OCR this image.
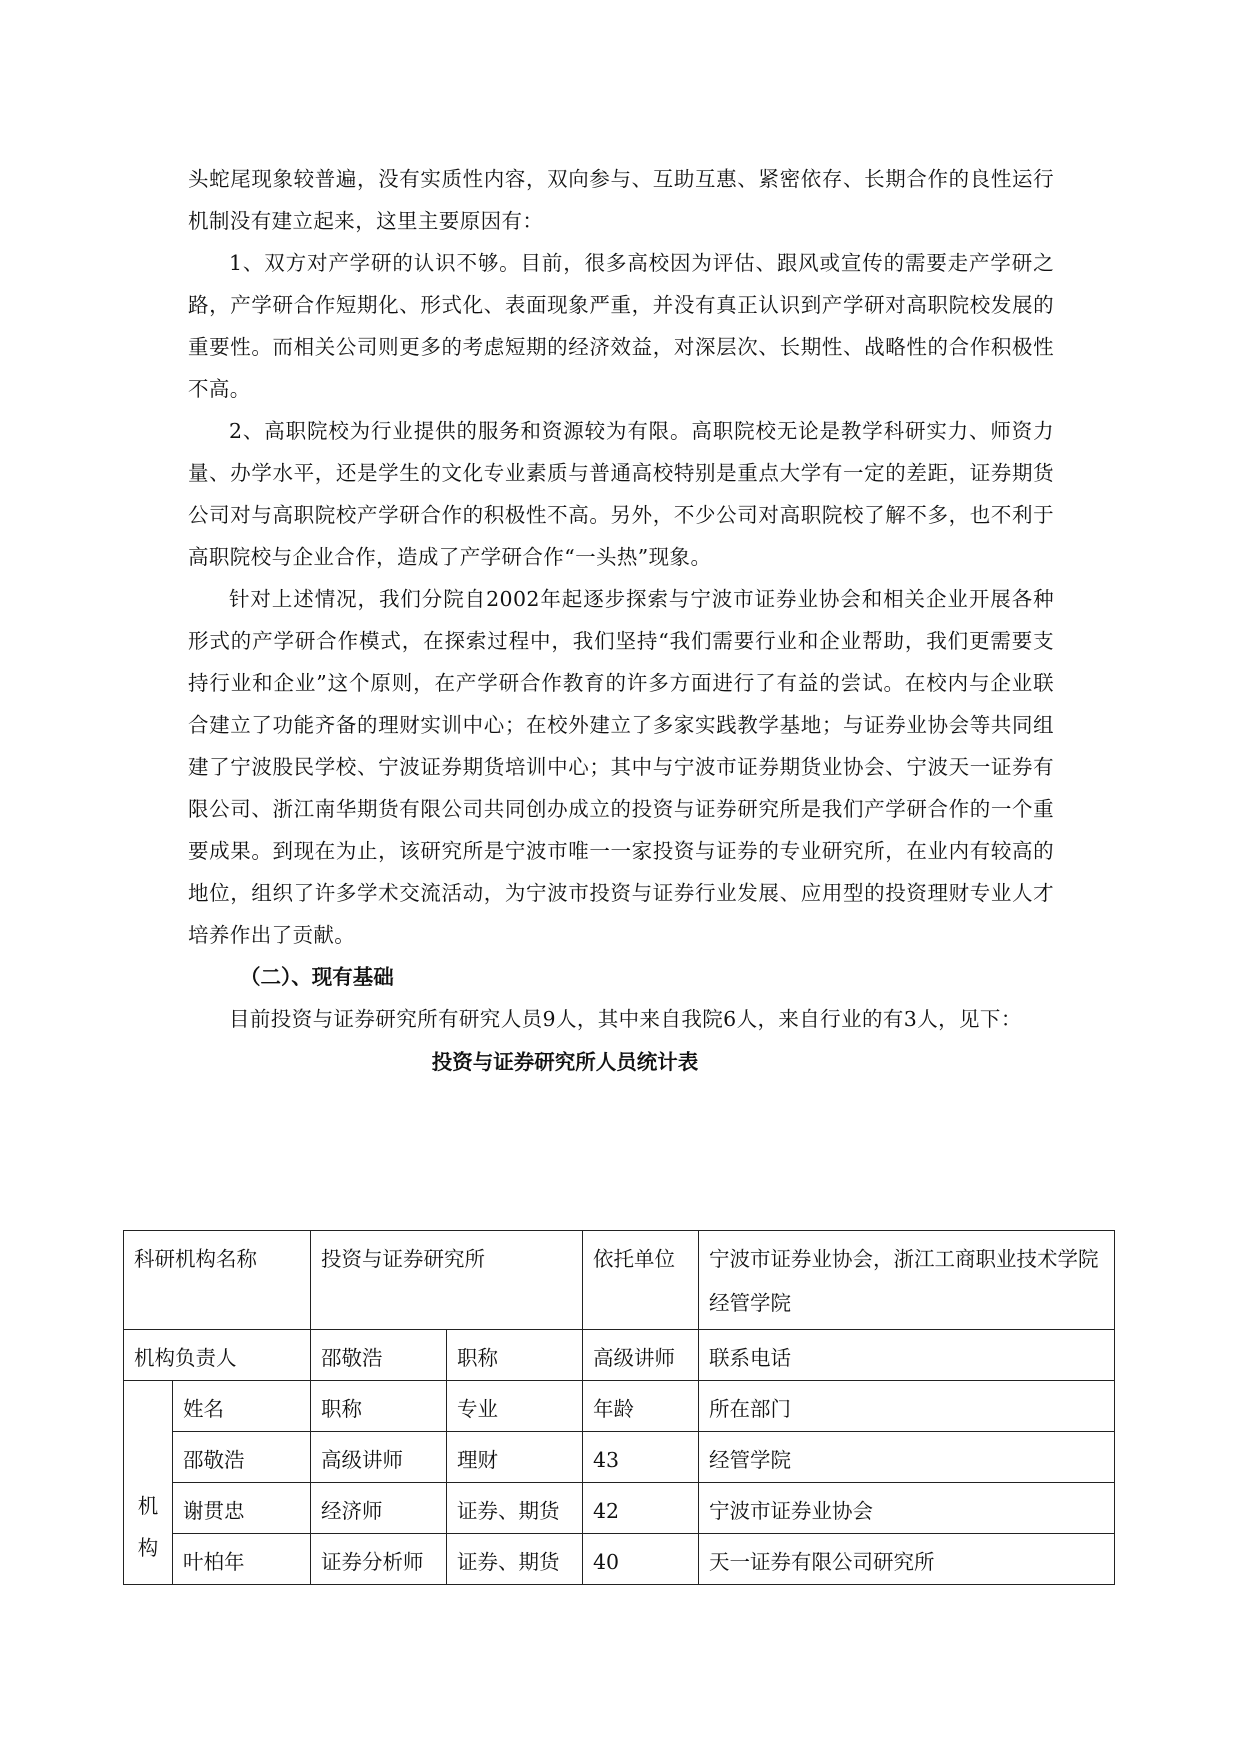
头蛇尾现象较普遍，没有实质性内容，双向参与、互助互惠、紧密依存、长期合作的良性运行机制没有建立起来，这里主要原因有：

1、双方对产学研的认识不够。目前，很多高校因为评估、跟风或宣传的需要走产学研之路，产学研合作短期化、形式化、表面现象严重，并没有真正认识到产学研对高职院校发展的重要性。而相关公司则更多的考虑短期的经济效益，对深层次、长期性、战略性的合作积极性不高。

2、高职院校为行业提供的服务和资源较为有限。高职院校无论是教学科研实力、师资力量、办学水平，还是学生的文化专业素质与普通高校特别是重点大学有一定的差距，证券期货公司对与高职院校产学研合作的积极性不高。另外，不少公司对高职院校了解不多，也不利于高职院校与企业合作，造成了产学研合作“一头热”现象。

针对上述情况，我们分院自2002年起逐步探索与宁波市证券业协会和相关企业开展各种形式的产学研合作模式，在探索过程中，我们坚持“我们需要行业和企业帮助，我们更需要支持行业和企业”这个原则，在产学研合作教育的许多方面进行了有益的尝试。在校内与企业联合建立了功能齐备的理财实训中心；在校外建立了多家实践教学基地；与证券业协会等共同组建了宁波股民学校、宁波证券期货培训中心；其中与宁波市证券期货业协会、宁波天一证券有限公司、浙江南华期货有限公司共同创办成立的投资与证券研究所是我们产学研合作的一个重要成果。到现在为止，该研究所是宁波市唯一一家投资与证券的专业研究所，在业内有较高的地位，组织了许多学术交流活动，为宁波市投资与证券行业发展、应用型的投资理财专业人才培养作出了贡献。

（二）、现有基础

目前投资与证券研究所有研究人员9人，其中来自我院6人，来自行业的有3人，见下：

投资与证券研究所人员统计表

科研机构名称		投资与证券研究所		依托单位	宁波市证券业协会，浙江工商职业技术学院经管学院
机构负责人		邵敬浩	职称	高级讲师	联系电话

机
构	姓名	职称	专业	年龄	所在部门
	邵敬浩	高级讲师	理财	43	经管学院
	谢贯忠	经济师	证券、期货	42	宁波市证券业协会
	叶柏年	证券分析师	证券、期货	40	天一证券有限公司研究所
